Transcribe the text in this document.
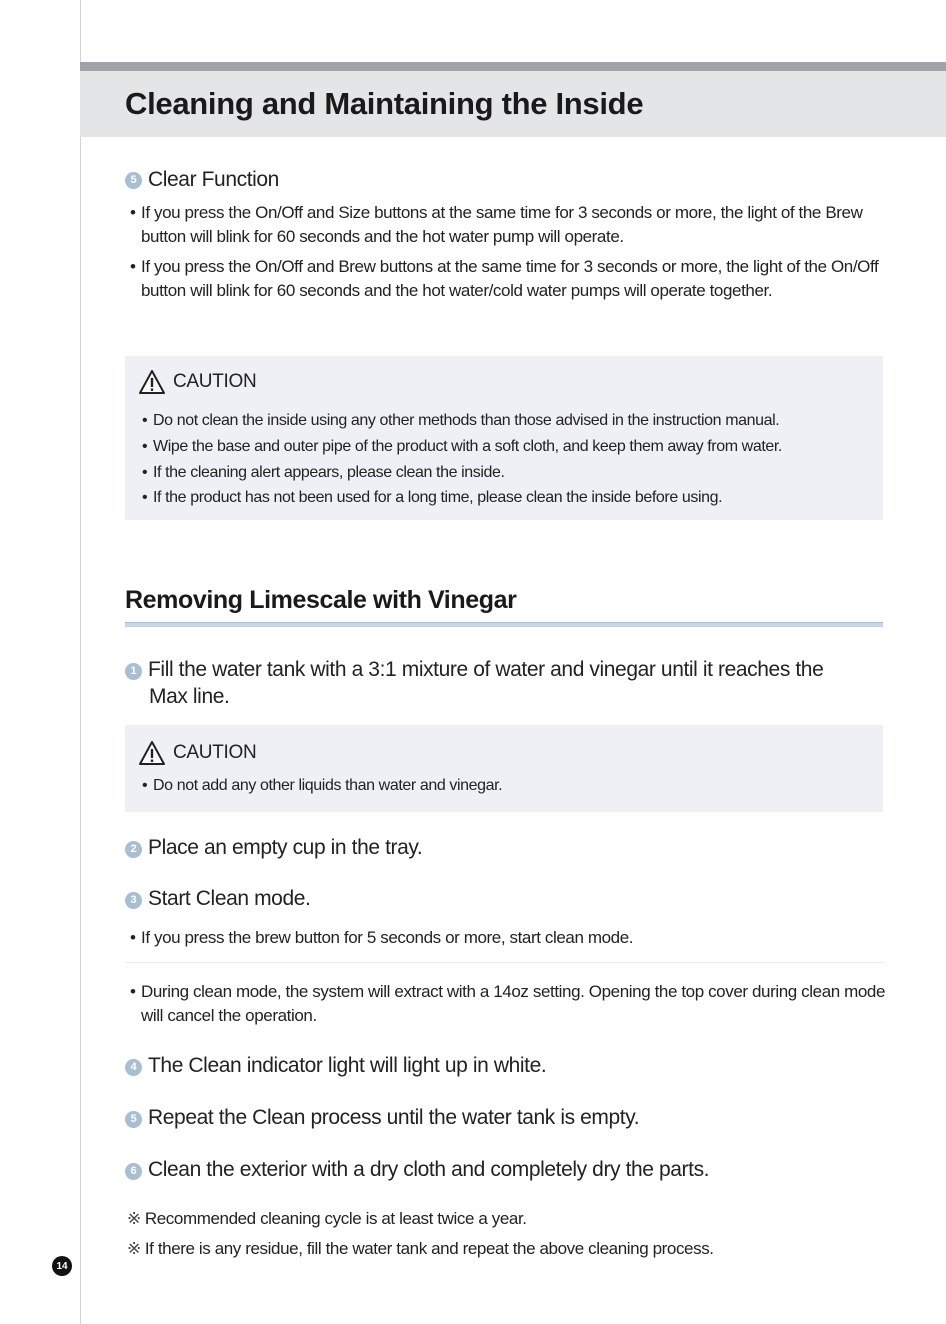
Cleaning and Maintaining the Inside
5 Clear Function
• If you press the On/Off and Size buttons at the same time for 3 seconds or more, the light of the Brew button will blink for 60 seconds and the hot water pump will operate.
• If you press the On/Off and Brew buttons at the same time for 3 seconds or more, the light of the On/Off button will blink for 60 seconds and the hot water/cold water pumps will operate together.
CAUTION
• Do not clean the inside using any other methods than those advised in the instruction manual.
• Wipe the base and outer pipe of the product with a soft cloth, and keep them away from water.
• If the cleaning alert appears, please clean the inside.
• If the product has not been used for a long time, please clean the inside before using.
Removing Limescale with Vinegar
1 Fill the water tank with a 3:1 mixture of water and vinegar until it reaches the
Max line.
CAUTION
• Do not add any other liquids than water and vinegar.
2 Place an empty cup in the tray.
3 Start Clean mode.
• If you press the brew button for 5 seconds or more, start clean mode.
• During clean mode, the system will extract with a 14oz setting. Opening the top cover during clean mode will cancel the operation.
4 The Clean indicator light will light up in white.
5 Repeat the Clean process until the water tank is empty.
6 Clean the exterior with a dry cloth and completely dry the parts.
※ Recommended cleaning cycle is at least twice a year.
※ If there is any residue, fill the water tank and repeat the above cleaning process.
14
